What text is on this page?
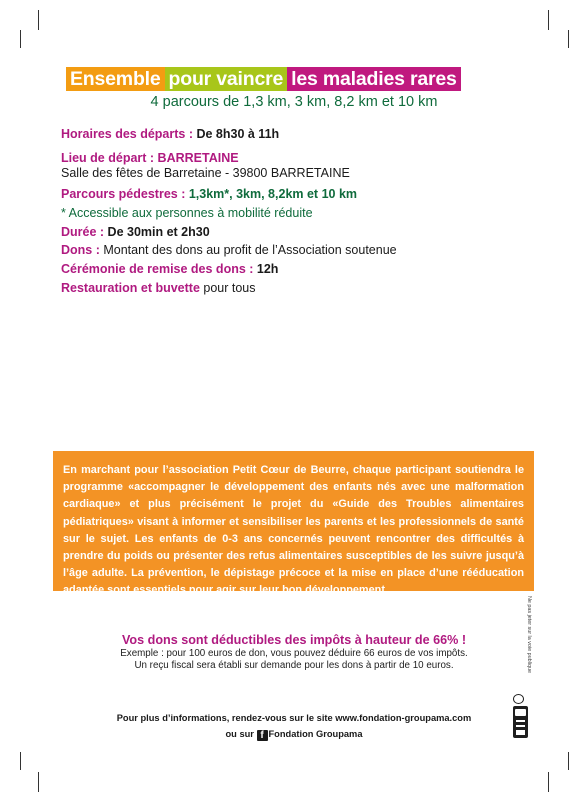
Ensemble pour vaincre les maladies rares
4 parcours de 1,3 km, 3 km, 8,2 km et 10 km
Horaires des départs : De 8h30 à 11h
Lieu de départ : BARRETAINE
Salle des fêtes de Barretaine - 39800 BARRETAINE
Parcours pédestres : 1,3km*, 3km, 8,2km et 10 km
* Accessible aux personnes à mobilité réduite
Durée : De 30min et 2h30
Dons : Montant des dons au profit de l’Association soutenue
Cérémonie de remise des dons : 12h
Restauration et buvette pour tous
En marchant pour l’association Petit Cœur de Beurre, chaque participant soutiendra le programme «accompagner le développement des enfants nés avec une malformation cardiaque» et plus précisément le projet du «Guide des Troubles alimentaires pédiatriques» visant à informer et sensibiliser les parents et les professionnels de santé sur le sujet. Les enfants de 0-3 ans concernés peuvent rencontrer des difficultés à prendre du poids ou présenter des refus alimentaires susceptibles de les suivre jusqu’à l’âge adulte. La prévention, le dépistage précoce et la mise en place d’une rééducation adaptée sont essentiels pour agir sur leur bon développement.
Ne pas jeter sur la voie publique
Vos dons sont déductibles des impôts à hauteur de 66% !
Exemple : pour 100 euros de don, vous pouvez déduire 66 euros de vos impôts.
Un reçu fiscal sera établi sur demande pour les dons à partir de 10 euros.
Pour plus d’informations, rendez-vous sur le site www.fondation-groupama.com
ou sur f Fondation Groupama
